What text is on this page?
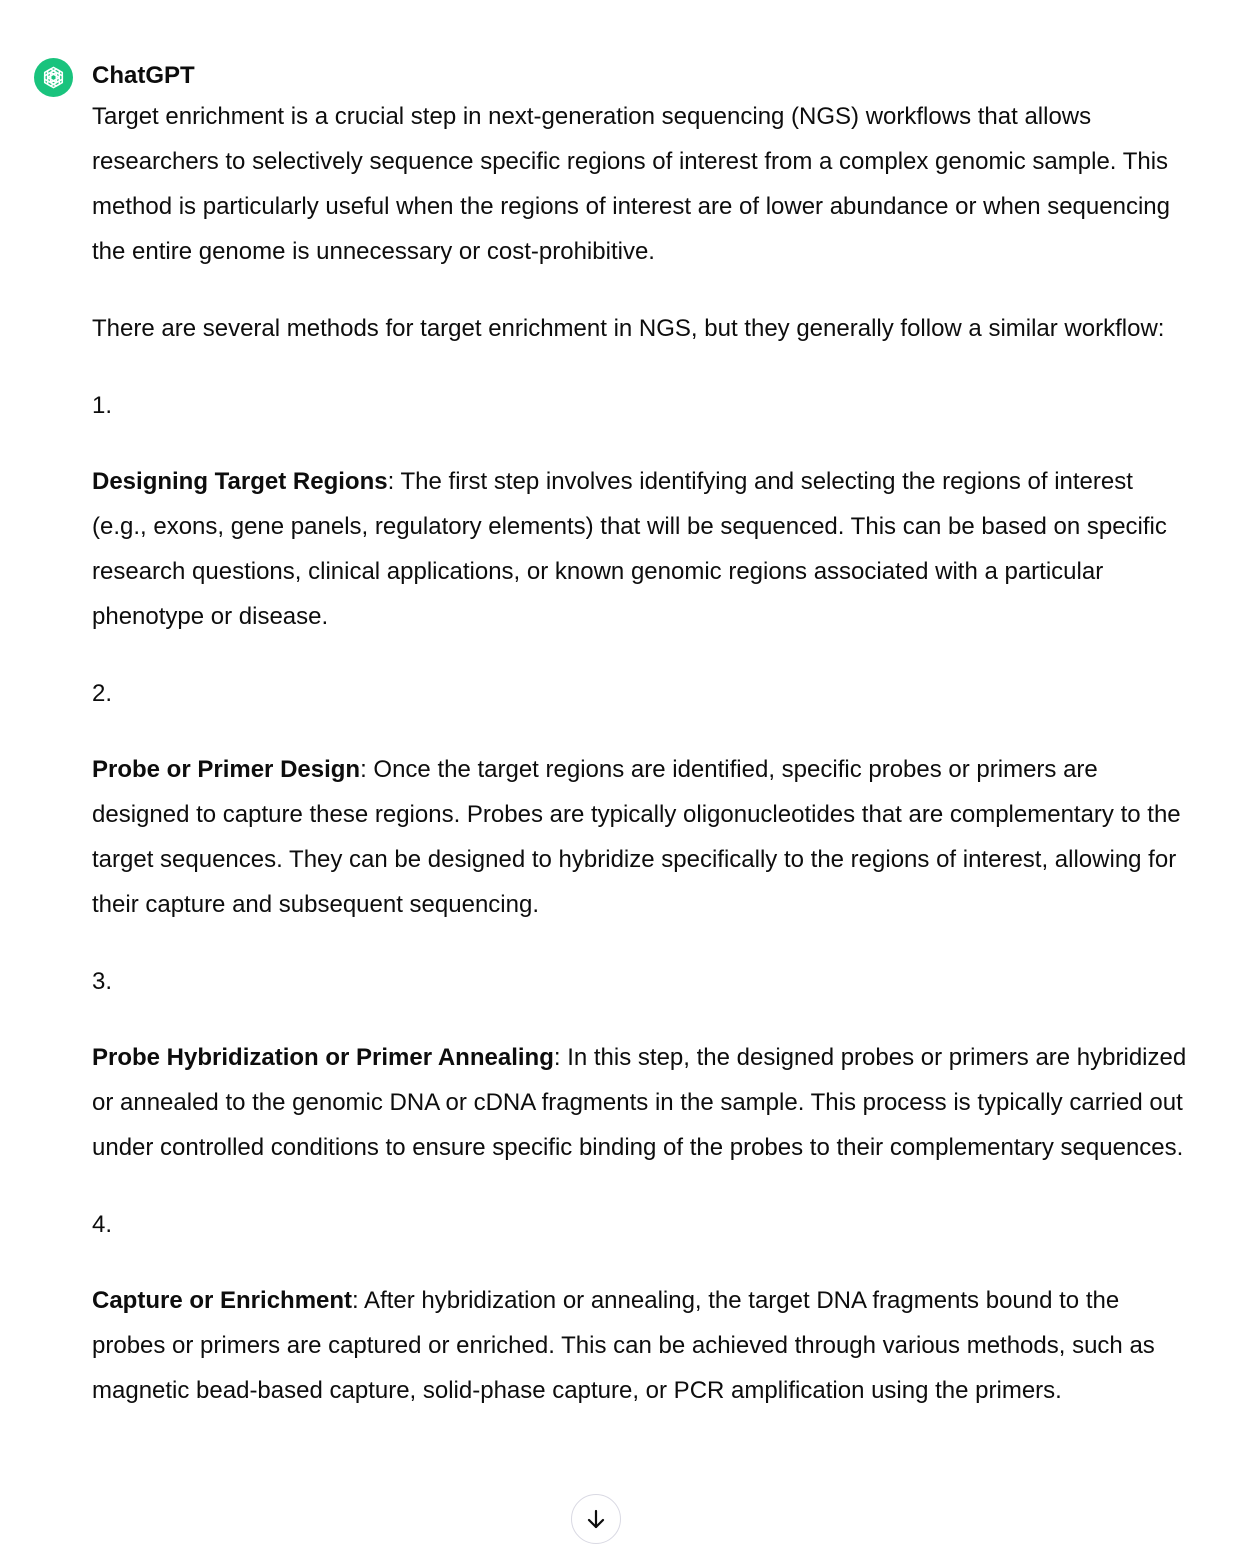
ChatGPT

Target enrichment is a crucial step in next-generation sequencing (NGS) workflows that allows researchers to selectively sequence specific regions of interest from a complex genomic sample. This method is particularly useful when the regions of interest are of lower abundance or when sequencing the entire genome is unnecessary or cost-prohibitive.

There are several methods for target enrichment in NGS, but they generally follow a similar workflow:

1.
Designing Target Regions: The first step involves identifying and selecting the regions of interest (e.g., exons, gene panels, regulatory elements) that will be sequenced. This can be based on specific research questions, clinical applications, or known genomic regions associated with a particular phenotype or disease.
2.
Probe or Primer Design: Once the target regions are identified, specific probes or primers are designed to capture these regions. Probes are typically oligonucleotides that are complementary to the target sequences. They can be designed to hybridize specifically to the regions of interest, allowing for their capture and subsequent sequencing.
3.
Probe Hybridization or Primer Annealing: In this step, the designed probes or primers are hybridized or annealed to the genomic DNA or cDNA fragments in the sample. This process is typically carried out under controlled conditions to ensure specific binding of the probes to their complementary sequences.
4.
Capture or Enrichment: After hybridization or annealing, the target DNA fragments bound to the probes or primers are captured or enriched. This can be achieved through various methods, such as magnetic bead-based capture, solid-phase capture, or PCR amplification using the primers.
